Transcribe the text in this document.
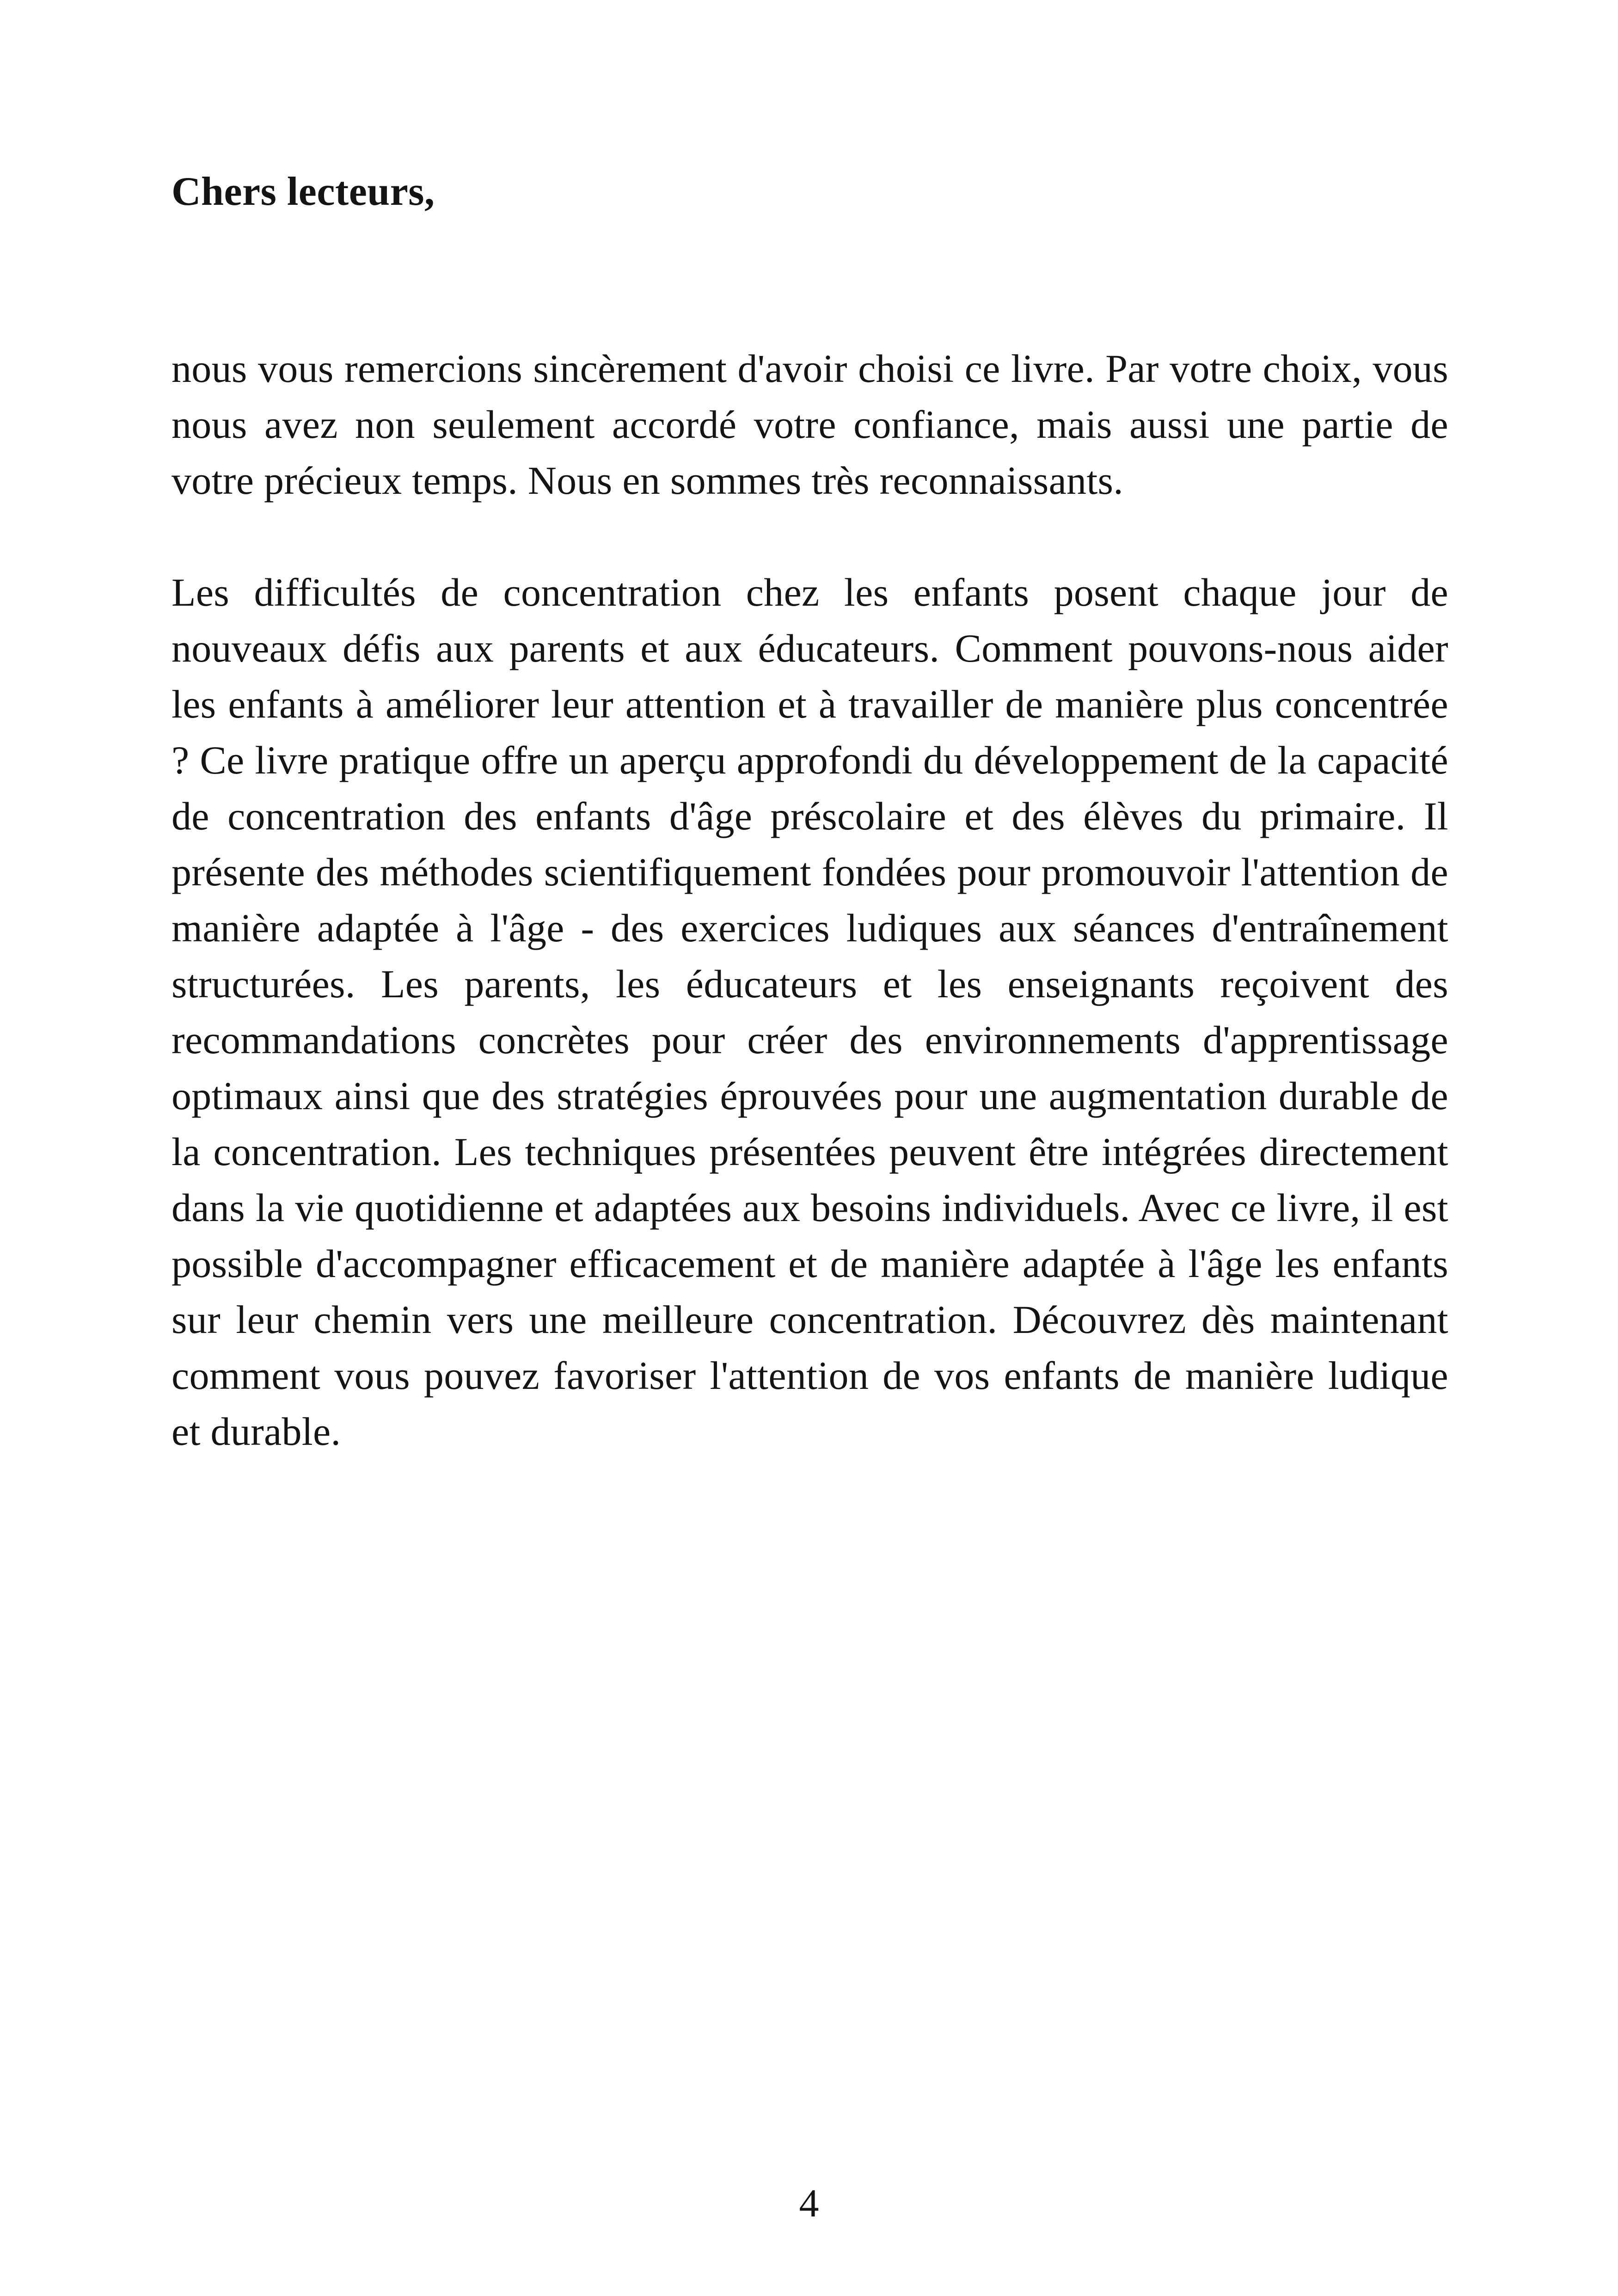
Chers lecteurs,

nous vous remercions sincèrement d'avoir choisi ce livre. Par votre choix, vous nous avez non seulement accordé votre confiance, mais aussi une partie de votre précieux temps. Nous en sommes très reconnaissants.

Les difficultés de concentration chez les enfants posent chaque jour de nouveaux défis aux parents et aux éducateurs. Comment pouvons-nous aider les enfants à améliorer leur attention et à travailler de manière plus concentrée ? Ce livre pratique offre un aperçu approfondi du développement de la capacité de concentration des enfants d'âge préscolaire et des élèves du primaire. Il présente des méthodes scientifiquement fondées pour promouvoir l'attention de manière adaptée à l'âge - des exercices ludiques aux séances d'entraînement structurées. Les parents, les éducateurs et les enseignants reçoivent des recommandations concrètes pour créer des environnements d'apprentissage optimaux ainsi que des stratégies éprouvées pour une augmentation durable de la concentration. Les techniques présentées peuvent être intégrées directement dans la vie quotidienne et adaptées aux besoins individuels. Avec ce livre, il est possible d'accompagner efficacement et de manière adaptée à l'âge les enfants sur leur chemin vers une meilleure concentration. Découvrez dès maintenant comment vous pouvez favoriser l'attention de vos enfants de manière ludique et durable.

4
